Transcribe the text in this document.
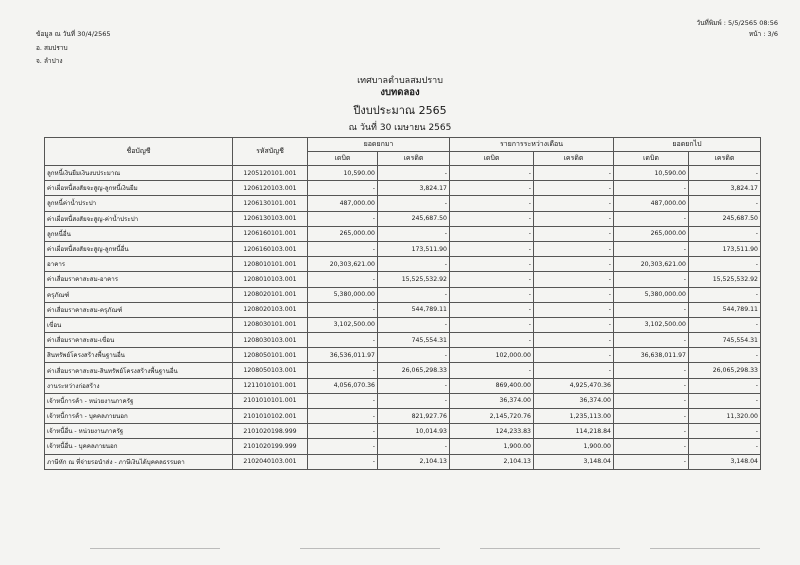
ข้อมูล ณ วันที่ 30/4/2565
อ. สมปราบ
จ. ลำปาง
วันที่พิมพ์ : 5/5/2565 08:56
หน้า : 3/6
เทศบาลตำบลสมปราบ
งบทดลอง
ปีงบประมาณ 2565
ณ วันที่ 30 เมษายน 2565
ชื่อบัญชี	รหัสบัญชี	ยอดยกมา		รายการระหว่างเดือน		ยอดยกไป	
		เดบิต	เครดิต	เดบิต	เครดิต	เดบิต	เครดิต
ลูกหนี้เงินยืมเงินงบประมาณ	1205120101.001	10,590.00	-	-	-	10,590.00	-
ค่าเผื่อหนี้สงสัยจะสูญ-ลูกหนี้เงินยืม	1206120103.001	-	3,824.17	-	-	-	3,824.17
ลูกหนี้ค่าน้ำประปา	1206130101.001	487,000.00	-	-	-	487,000.00	-
ค่าเผื่อหนี้สงสัยจะสูญ-ค่าน้ำประปา	1206130103.001	-	245,687.50	-	-	-	245,687.50
ลูกหนี้อื่น	1206160101.001	265,000.00	-	-	-	265,000.00	-
ค่าเผื่อหนี้สงสัยจะสูญ-ลูกหนี้อื่น	1206160103.001	-	173,511.90	-	-	-	173,511.90
อาคาร	1208010101.001	20,303,621.00	-	-	-	20,303,621.00	-
ค่าเสื่อมราคาสะสม-อาคาร	1208010103.001	-	15,525,532.92	-	-	-	15,525,532.92
ครุภัณฑ์	1208020101.001	5,380,000.00	-	-	-	5,380,000.00	-
ค่าเสื่อมราคาสะสม-ครุภัณฑ์	1208020103.001	-	544,789.11	-	-	-	544,789.11
เขื่อน	1208030101.001	3,102,500.00	-	-	-	3,102,500.00	-
ค่าเสื่อมราคาสะสม-เขื่อน	1208030103.001	-	745,554.31	-	-	-	745,554.31
สินทรัพย์โครงสร้างพื้นฐานอื่น	1208050101.001	36,536,011.97	-	102,000.00	-	36,638,011.97	-
ค่าเสื่อมราคาสะสม-สินทรัพย์โครงสร้างพื้นฐานอื่น	1208050103.001	-	26,065,298.33	-	-	-	26,065,298.33
งานระหว่างก่อสร้าง	1211010101.001	4,056,070.36	-	869,400.00	4,925,470.36	-	-
เจ้าหนี้การค้า - หน่วยงานภาครัฐ	2101010101.001	-	-	36,374.00	36,374.00	-	-
เจ้าหนี้การค้า - บุคคลภายนอก	2101010102.001	-	821,927.76	2,145,720.76	1,235,113.00	-	11,320.00
เจ้าหนี้อื่น - หน่วยงานภาครัฐ	2101020198.999	-	10,014.93	124,233.83	114,218.84	-	-
เจ้าหนี้อื่น - บุคคลภายนอก	2101020199.999	-	-	1,900.00	1,900.00	-	-
ภาษีหัก ณ ที่จ่ายรอนำส่ง - ภาษีเงินได้บุคคลธรรมดา	2102040103.001	-	2,104.13	2,104.13	3,148.04	-	3,148.04
